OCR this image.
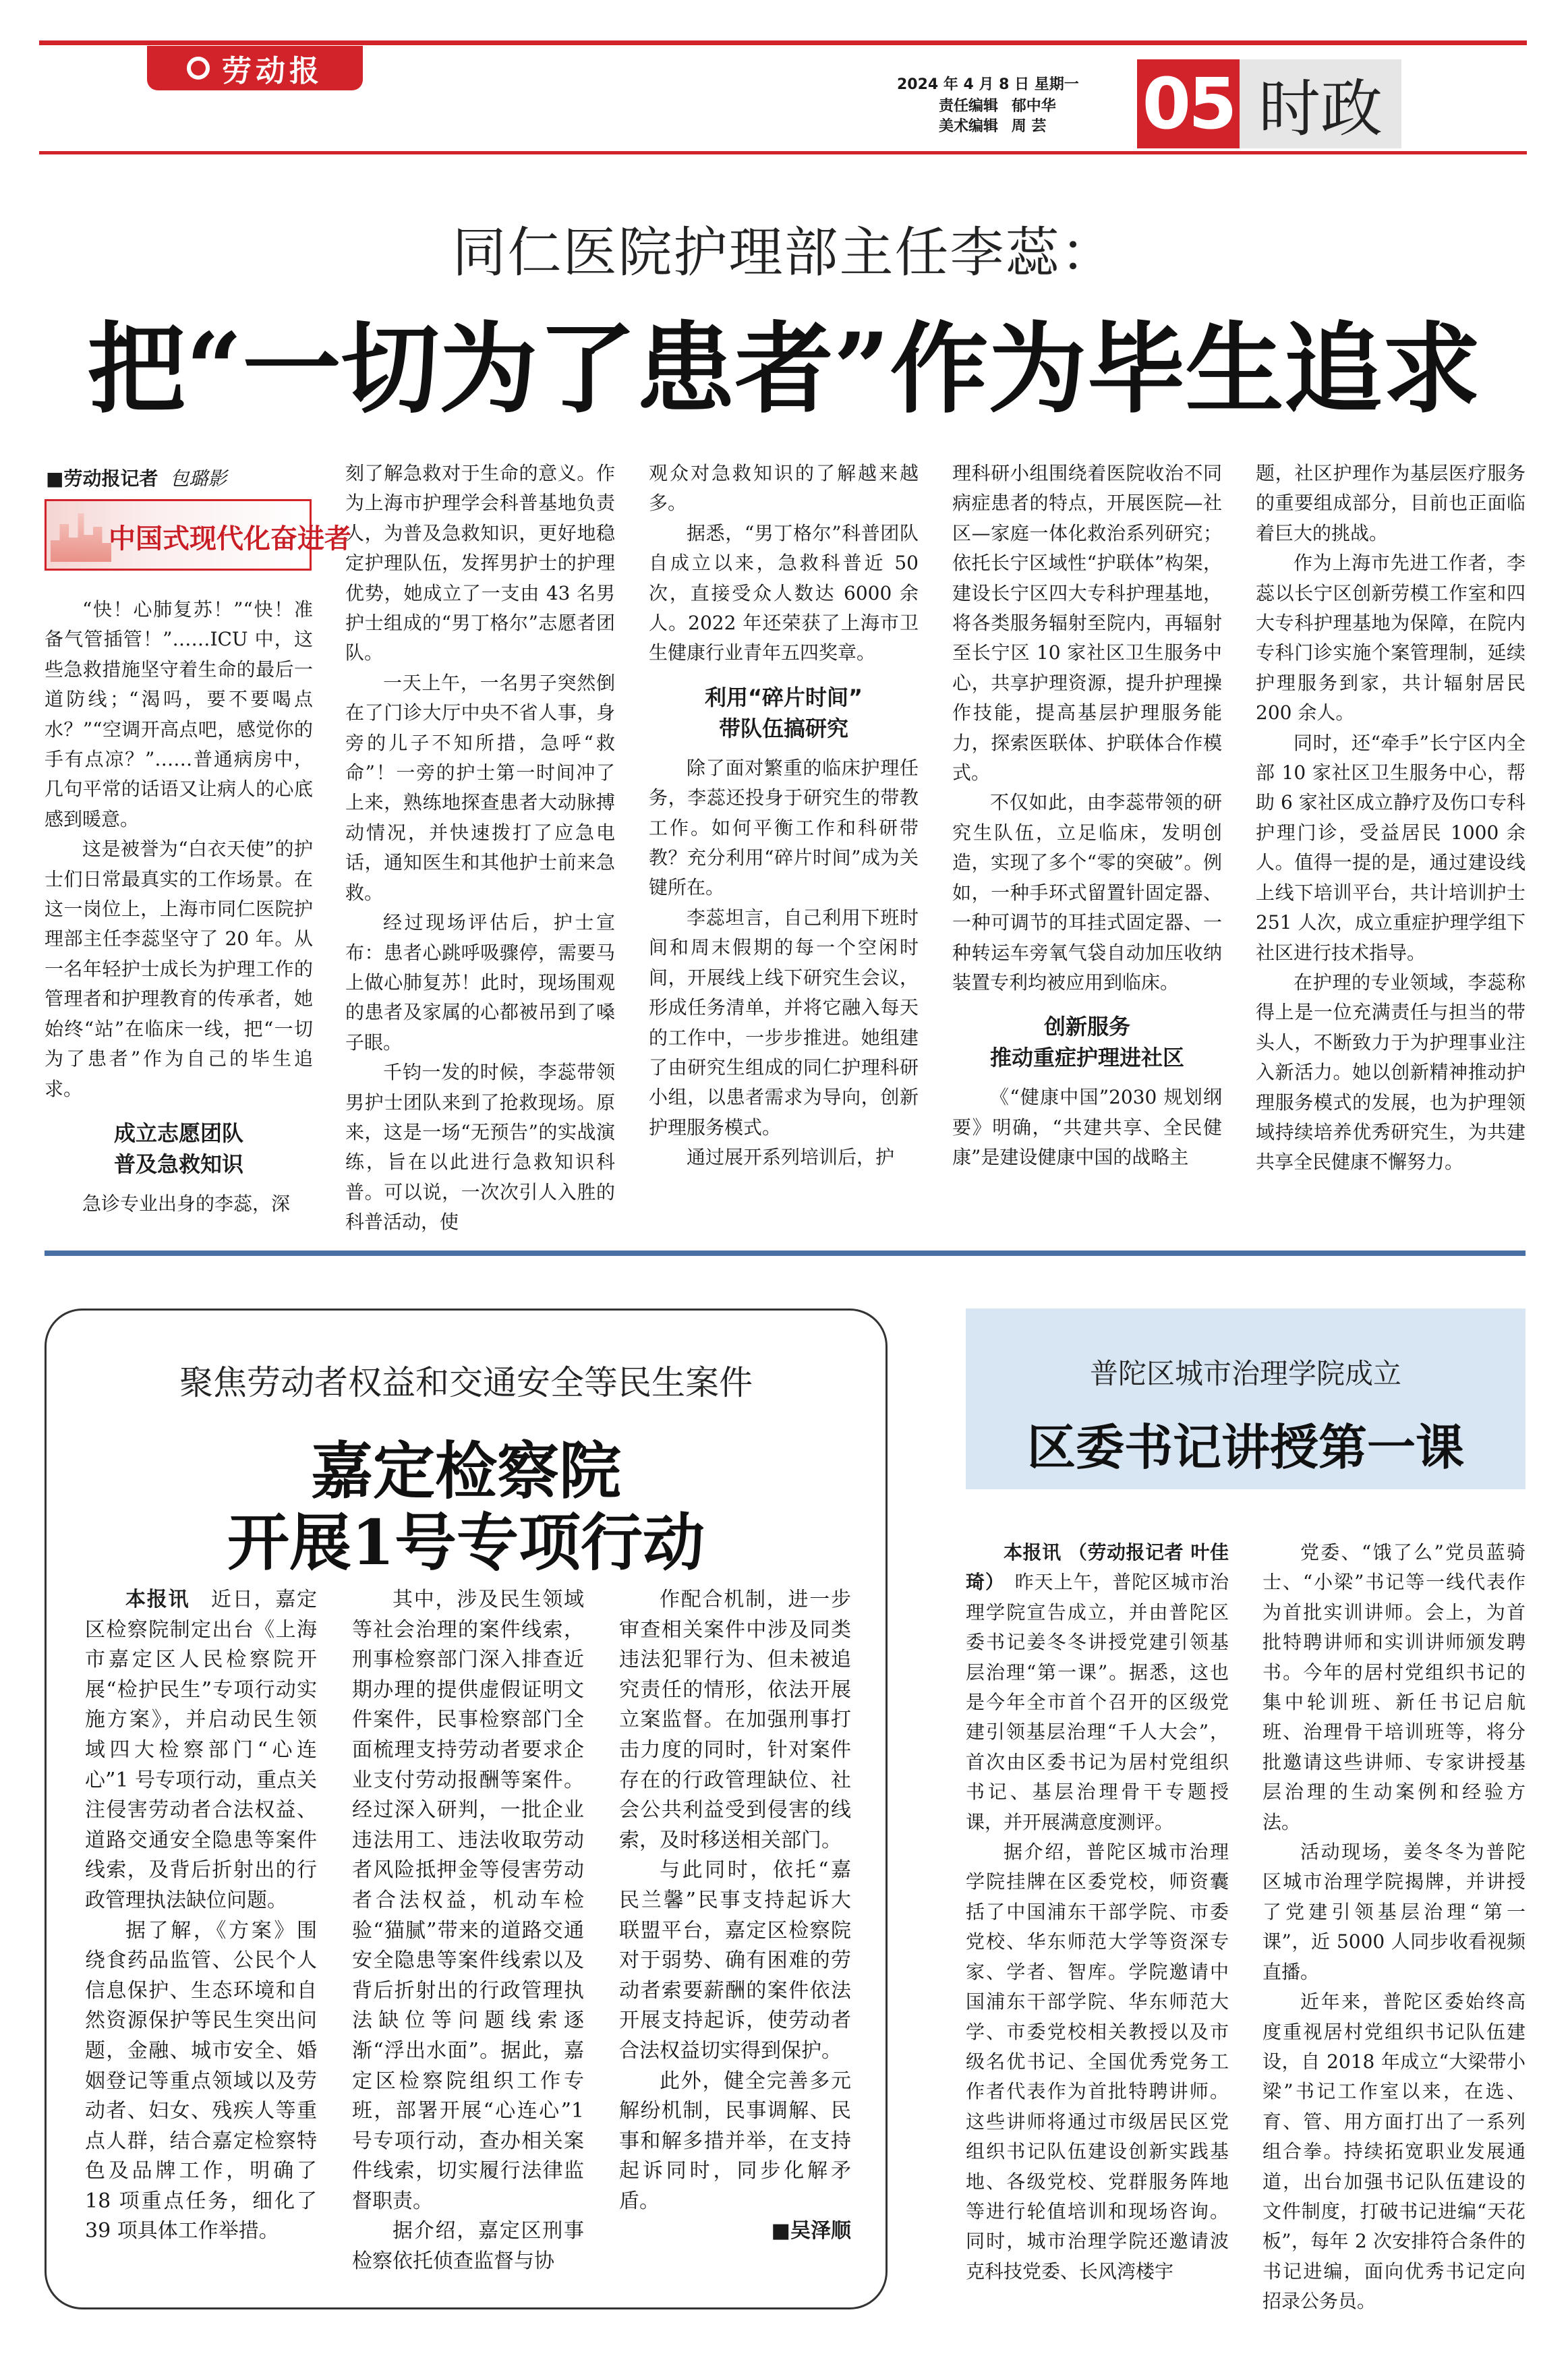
劳动报	2024 年 4 月 8 日 星期一
责任编辑 郁中华
美术编辑 周 芸	05 时政
同仁医院护理部主任李蕊：
把“一切为了患者”作为毕生追求
■劳动报记者 包璐影
中国式现代化奋进者

“快！心肺复苏！”“快！准备气管插管！”……ICU 中，这些急救措施坚守着生命的最后一道防线；“渴吗，要不要喝点水？”“空调开高点吧，感觉你的手有点凉？”……普通病房中，几句平常的话语又让病人的心底感到暖意。

这是被誉为“白衣天使”的护士们日常最真实的工作场景。在这一岗位上，上海市同仁医院护理部主任李蕊坚守了 20 年。从一名年轻护士成长为护理工作的管理者和护理教育的传承者，她始终“站”在临床一线，把“一切为了患者”作为自己的毕生追求。

成立志愿团队
普及急救知识

急诊专业出身的李蕊，深

刻了解急救对于生命的意义。作为上海市护理学会科普基地负责人，为普及急救知识，更好地稳定护理队伍，发挥男护士的护理优势，她成立了一支由 43 名男护士组成的“男丁格尔”志愿者团队。

一天上午，一名男子突然倒在了门诊大厅中央不省人事，身旁的儿子不知所措，急呼“救命”！一旁的护士第一时间冲了上来，熟练地探查患者大动脉搏动情况，并快速拨打了应急电话，通知医生和其他护士前来急救。

经过现场评估后，护士宣布：患者心跳呼吸骤停，需要马上做心肺复苏！此时，现场围观的患者及家属的心都被吊到了嗓子眼。

千钧一发的时候，李蕊带领男护士团队来到了抢救现场。原来，这是一场“无预告”的实战演练，旨在以此进行急救知识科普。可以说，一次次引人入胜的科普活动，使

观众对急救知识的了解越来越多。

据悉，“男丁格尔”科普团队自成立以来，急救科普近 50 次，直接受众人数达 6000 余人。2022 年还荣获了上海市卫生健康行业青年五四奖章。

利用“碎片时间”
带队伍搞研究

除了面对繁重的临床护理任务，李蕊还投身于研究生的带教工作。如何平衡工作和科研带教？充分利用“碎片时间”成为关键所在。

李蕊坦言，自己利用下班时间和周末假期的每一个空闲时间，开展线上线下研究生会议，形成任务清单，并将它融入每天的工作中，一步步推进。她组建了由研究生组成的同仁护理科研小组，以患者需求为导向，创新护理服务模式。

通过展开系列培训后，护

理科研小组围绕着医院收治不同病症患者的特点，开展医院—社区—家庭一体化救治系列研究；依托长宁区域性“护联体”构架，建设长宁区四大专科护理基地，将各类服务辐射至院内，再辐射至长宁区 10 家社区卫生服务中心，共享护理资源，提升护理操作技能，提高基层护理服务能力，探索医联体、护联体合作模式。

不仅如此，由李蕊带领的研究生队伍，立足临床，发明创造，实现了多个“零的突破”。例如，一种手环式留置针固定器、一种可调节的耳挂式固定器、一种转运车旁氧气袋自动加压收纳装置专利均被应用到临床。

创新服务
推动重症护理进社区

《“健康中国”2030 规划纲要》明确，“共建共享、全民健康”是建设健康中国的战略主

题，社区护理作为基层医疗服务的重要组成部分，目前也正面临着巨大的挑战。

作为上海市先进工作者，李蕊以长宁区创新劳模工作室和四大专科护理基地为保障，在院内专科门诊实施个案管理制，延续护理服务到家，共计辐射居民 200 余人。

同时，还“牵手”长宁区内全部 10 家社区卫生服务中心，帮助 6 家社区成立静疗及伤口专科护理门诊，受益居民 1000 余人。值得一提的是，通过建设线上线下培训平台，共计培训护士 251 人次，成立重症护理学组下社区进行技术指导。

在护理的专业领域，李蕊称得上是一位充满责任与担当的带头人，不断致力于为护理事业注入新活力。她以创新精神推动护理服务模式的发展，也为护理领域持续培养优秀研究生，为共建共享全民健康不懈努力。

聚焦劳动者权益和交通安全等民生案件
嘉定检察院
开展1号专项行动

本报讯　 近日，嘉定区检察院制定出台《上海市嘉定区人民检察院开展“检护民生”专项行动实施方案》，并启动民生领域四大检察部门“心连心”1 号专项行动，重点关注侵害劳动者合法权益、道路交通安全隐患等案件线索，及背后折射出的行政管理执法缺位问题。

据了解，《方案》围绕食药品监管、公民个人信息保护、生态环境和自然资源保护等民生突出问题，金融、城市安全、婚姻登记等重点领域以及劳动者、妇女、残疾人等重点人群，结合嘉定检察特色及品牌工作，明确了 18 项重点任务，细化了 39 项具体工作举措。

其中，涉及民生领域等社会治理的案件线索，刑事检察部门深入排查近期办理的提供虚假证明文件案件，民事检察部门全面梳理支持劳动者要求企业支付劳动报酬等案件。经过深入研判，一批企业违法用工、违法收取劳动者风险抵押金等侵害劳动者合法权益，机动车检验“猫腻”带来的道路交通安全隐患等案件线索以及背后折射出的行政管理执法缺位等问题线索逐渐“浮出水面”。据此，嘉定区检察院组织工作专班，部署开展“心连心”1 号专项行动，查办相关案件线索，切实履行法律监督职责。

据介绍，嘉定区刑事检察依托侦查监督与协

作配合机制，进一步审查相关案件中涉及同类违法犯罪行为、但未被追究责任的情形，依法开展立案监督。在加强刑事打击力度的同时，针对案件存在的行政管理缺位、社会公共利益受到侵害的线索，及时移送相关部门。

与此同时，依托“嘉民兰馨”民事支持起诉大联盟平台，嘉定区检察院对于弱势、确有困难的劳动者索要薪酬的案件依法开展支持起诉，使劳动者合法权益切实得到保护。

此外，健全完善多元解纷机制，民事调解、民事和解多措并举，在支持起诉同时，同步化解矛盾。

■吴泽顺

普陀区城市治理学院成立
区委书记讲授第一课

本报讯 （劳动报记者 叶佳琦）　 昨天上午，普陀区城市治理学院宣告成立，并由普陀区委书记姜冬冬讲授党建引领基层治理“第一课”。据悉，这也是今年全市首个召开的区级党建引领基层治理“千人大会”，首次由区委书记为居村党组织书记、基层治理骨干专题授课，并开展满意度测评。

据介绍，普陀区城市治理学院挂牌在区委党校，师资囊括了中国浦东干部学院、市委党校、华东师范大学等资深专家、学者、智库。学院邀请中国浦东干部学院、华东师范大学、市委党校相关教授以及市级名优书记、全国优秀党务工作者代表作为首批特聘讲师。这些讲师将通过市级居民区党组织书记队伍建设创新实践基地、各级党校、党群服务阵地等进行轮值培训和现场咨询。同时，城市治理学院还邀请波克科技党委、长风湾楼宇

党委、“饿了么”党员蓝骑士、“小梁”书记等一线代表作为首批实训讲师。会上，为首批特聘讲师和实训讲师颁发聘书。今年的居村党组织书记的集中轮训班、新任书记启航班、治理骨干培训班等，将分批邀请这些讲师、专家讲授基层治理的生动案例和经验方法。

活动现场，姜冬冬为普陀区城市治理学院揭牌，并讲授了党建引领基层治理“第一课”，近 5000 人同步收看视频直播。

近年来，普陀区委始终高度重视居村党组织书记队伍建设，自 2018 年成立“大梁带小梁”书记工作室以来，在选、育、管、用方面打出了一系列组合拳。持续拓宽职业发展通道，出台加强书记队伍建设的文件制度，打破书记进编“天花板”，每年 2 次安排符合条件的书记进编，面向优秀书记定向招录公务员。
